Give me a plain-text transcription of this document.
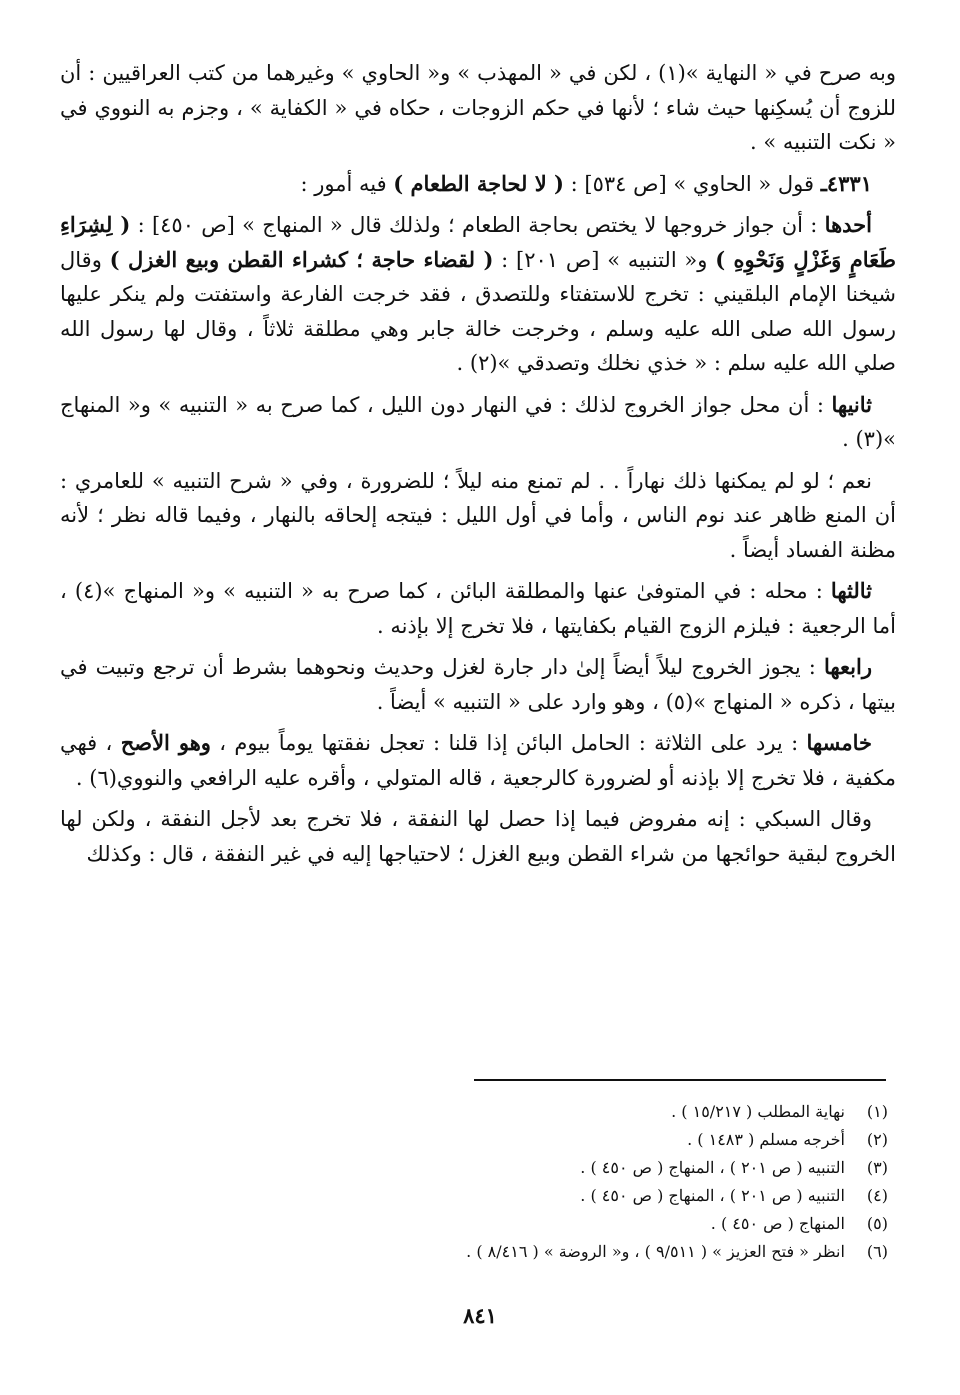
وبه صرح في « النهاية »(١) ، لكن في « المهذب » و« الحاوي » وغيرهما من كتب العراقيين : أن للزوج أن يُسكِنها حيث شاء ؛ لأنها في حكم الزوجات ، حكاه في « الكفاية » ، وجزم به النووي في « نكت التنبيه » .

٤٣٣١ـ قول « الحاوي » [ص ٥٣٤] : ( لا لحاجة الطعام ) فيه أمور :

أحدها : أن جواز خروجها لا يختص بحاجة الطعام ؛ ولذلك قال « المنهاج » [ص ٤٥٠] : ( لِشِرَاءِ طَعَامٍ وَغَزْلٍ وَنَحْوِهِ ) و« التنبيه » [ص ٢٠١] : ( لقضاء حاجة ؛ كشراء القطن وبيع الغزل ) وقال شيخنا الإمام البلقيني : تخرج للاستفتاء وللتصدق ، فقد خرجت الفارعة واستفتت ولم ينكر عليها رسول الله صلى الله عليه وسلم ، وخرجت خالة جابر وهي مطلقة ثلاثاً ، وقال لها رسول الله صلي الله عليه سلم : « خذي نخلك وتصدقي »(٢) .

ثانيها : أن محل جواز الخروج لذلك : في النهار دون الليل ، كما صرح به « التنبيه » و« المنهاج »(٣) .

نعم ؛ لو لم يمكنها ذلك نهاراً . . لم تمنع منه ليلاً ؛ للضرورة ، وفي « شرح التنبيه » للعامري : أن المنع ظاهر عند نوم الناس ، وأما في أول الليل : فيتجه إلحاقه بالنهار ، وفيما قاله نظر ؛ لأنه مظنة الفساد أيضاً .

ثالثها : محله : في المتوفىٰ عنها والمطلقة البائن ، كما صرح به « التنبيه » و« المنهاج »(٤) ، أما الرجعية : فيلزم الزوج القيام بكفايتها ، فلا تخرج إلا بإذنه .

رابعها : يجوز الخروج ليلاً أيضاً إلىٰ دار جارة لغزل وحديث ونحوهما بشرط أن ترجع وتبيت في بيتها ، ذكره « المنهاج »(٥) ، وهو وارد على « التنبيه » أيضاً .

خامسها : يرد على الثلاثة : الحامل البائن إذا قلنا : تعجل نفقتها يوماً بيوم ، وهو الأصح ، فهي مكفية ، فلا تخرج إلا بإذنه أو لضرورة كالرجعية ، قاله المتولي ، وأقره عليه الرافعي والنووي(٦) .

وقال السبكي : إنه مفروض فيما إذا حصل لها النفقة ، فلا تخرج بعد لأجل النفقة ، ولكن لها الخروج لبقية حوائجها من شراء القطن وبيع الغزل ؛ لاحتياجها إليه في غير النفقة ، قال : وكذلك

(١) نهاية المطلب ( ١٥/٢١٧ ) .
(٢) أخرجه مسلم ( ١٤٨٣ ) .
(٣) التنبيه ( ص ٢٠١ ) ، المنهاج ( ص ٤٥٠ ) .
(٤) التنبيه ( ص ٢٠١ ) ، المنهاج ( ص ٤٥٠ ) .
(٥) المنهاج ( ص ٤٥٠ ) .
(٦) انظر « فتح العزيز » ( ٩/٥١١ ) ، و« الروضة » ( ٨/٤١٦ ) .
٨٤١
